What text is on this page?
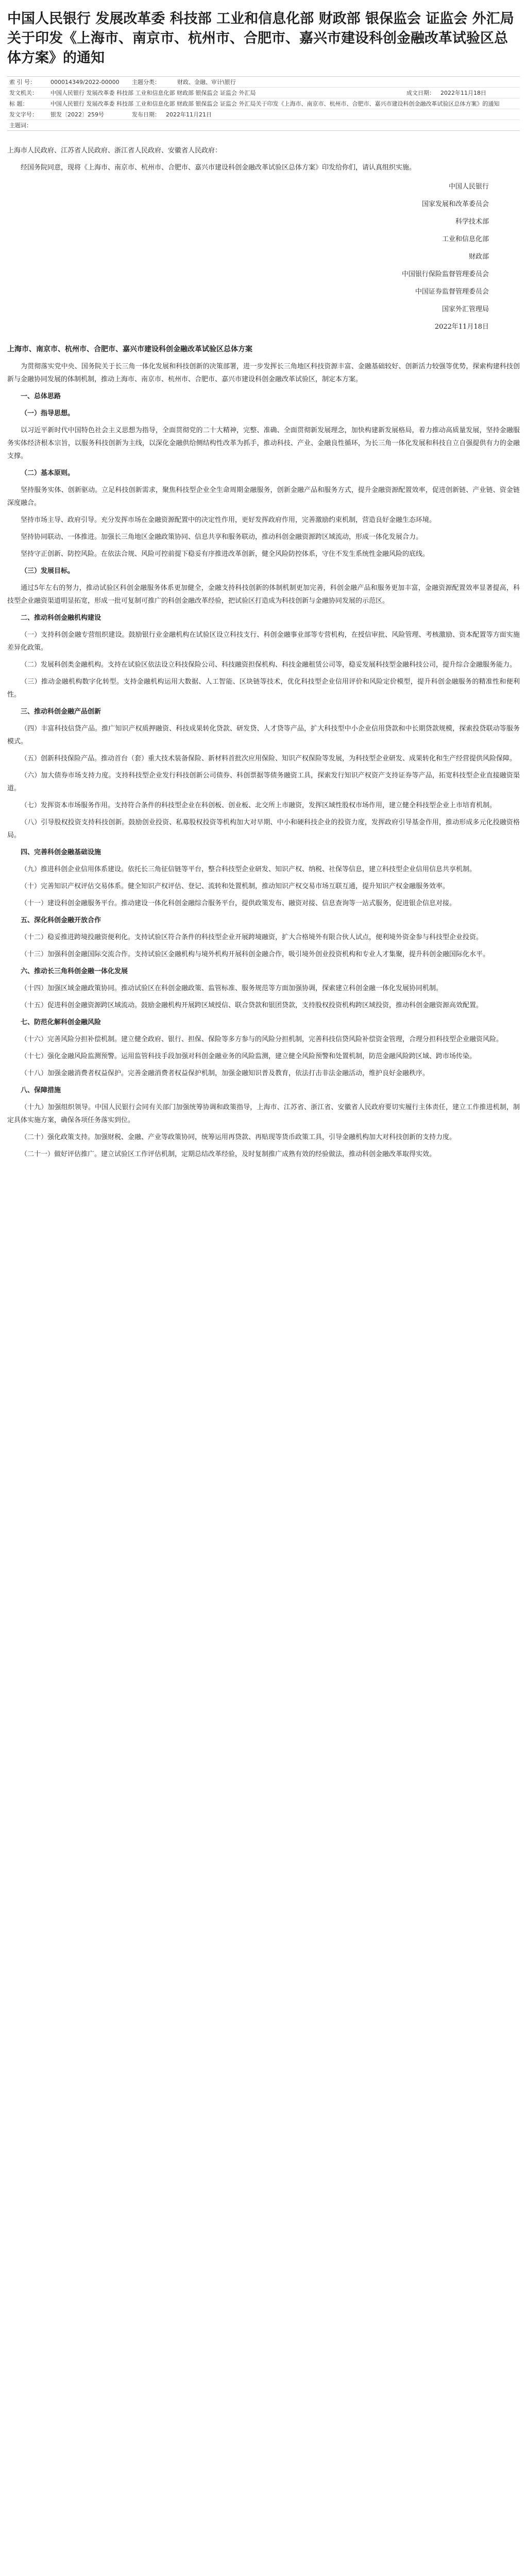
中国人民银行 发展改革委 科技部 工业和信息化部 财政部 银保监会 证监会 外汇局关于印发《上海市、南京市、杭州市、合肥市、嘉兴市建设科创金融改革试验区总体方案》的通知
索 引 号：	000014349/2022-00000	主题分类：	财政、金融、审计\银行
发文机关：	中国人民银行 发展改革委 科技部 工业和信息化部 财政部 银保监会 证监会 外汇局	成文日期：	2022年11月18日
标 题：	中国人民银行 发展改革委 科技部 工业和信息化部 财政部 银保监会 证监会 外汇局关于印发《上海市、南京市、杭州市、合肥市、嘉兴市建设科创金融改革试验区总体方案》的通知
发文字号：	银发〔2022〕259号	发布日期：	2022年11月21日
主题词：

上海市人民政府、江苏省人民政府、浙江省人民政府、安徽省人民政府：

经国务院同意，现将《上海市、南京市、杭州市、合肥市、嘉兴市建设科创金融改革试验区总体方案》印发给你们，请认真组织实施。

中国人民银行
国家发展和改革委员会
科学技术部
工业和信息化部
财政部
中国银行保险监督管理委员会
中国证券监督管理委员会
国家外汇管理局
2022年11月18日

上海市、南京市、杭州市、合肥市、嘉兴市建设科创金融改革试验区总体方案

为贯彻落实党中央、国务院关于长三角一体化发展和科技创新的决策部署，进一步发挥长三角地区科技资源丰富、金融基础较好、创新活力较强等优势，探索构建科技创新与金融协同发展的体制机制，推动上海市、南京市、杭州市、合肥市、嘉兴市建设科创金融改革试验区，制定本方案。

一、总体思路

（一）指导思想。

以习近平新时代中国特色社会主义思想为指导，全面贯彻党的二十大精神，完整、准确、全面贯彻新发展理念，加快构建新发展格局，着力推动高质量发展，坚持金融服务实体经济根本宗旨，以服务科技创新为主线，以深化金融供给侧结构性改革为抓手，推动科技、产业、金融良性循环，为长三角一体化发展和科技自立自强提供有力的金融支撑。

（二）基本原则。

坚持服务实体、创新驱动。立足科技创新需求，聚焦科技型企业全生命周期金融服务，创新金融产品和服务方式，提升金融资源配置效率，促进创新链、产业链、资金链深度融合。

坚持市场主导、政府引导。充分发挥市场在金融资源配置中的决定性作用，更好发挥政府作用，完善激励约束机制，营造良好金融生态环境。

坚持协同联动、一体推进。加强长三角地区金融政策协同、信息共享和服务联动，推动科创金融资源跨区域流动，形成一体化发展合力。

坚持守正创新、防控风险。在依法合规、风险可控前提下稳妥有序推进改革创新，健全风险防控体系，守住不发生系统性金融风险的底线。

（三）发展目标。

通过5年左右的努力，推动试验区科创金融服务体系更加健全，金融支持科技创新的体制机制更加完善，科创金融产品和服务更加丰富，金融资源配置效率显著提高，科技型企业融资渠道明显拓宽，形成一批可复制可推广的科创金融改革经验，把试验区打造成为科技创新与金融协同发展的示范区。

二、推动科创金融机构建设

（一）支持科创金融专营组织建设。鼓励银行业金融机构在试验区设立科技支行、科创金融事业部等专营机构，在授信审批、风险管理、考核激励、资本配置等方面实施差异化政策。

（二）发展科创类金融机构。支持在试验区依法设立科技保险公司、科技融资担保机构、科技金融租赁公司等，稳妥发展科技型金融科技公司，提升综合金融服务能力。

（三）推动金融机构数字化转型。支持金融机构运用大数据、人工智能、区块链等技术，优化科技型企业信用评价和风险定价模型，提升科创金融服务的精准性和便利性。

三、推动科创金融产品创新

（四）丰富科技信贷产品。推广知识产权质押融资、科技成果转化贷款、研发贷、人才贷等产品，扩大科技型中小企业信用贷款和中长期贷款规模，探索投贷联动等服务模式。

（五）创新科技保险产品。推动首台（套）重大技术装备保险、新材料首批次应用保险、知识产权保险等发展，为科技型企业研发、成果转化和生产经营提供风险保障。

（六）加大债券市场支持力度。支持科技型企业发行科技创新公司债券、科创票据等债务融资工具，探索发行知识产权资产支持证券等产品，拓宽科技型企业直接融资渠道。

（七）发挥资本市场服务作用。支持符合条件的科技型企业在科创板、创业板、北交所上市融资，发挥区域性股权市场作用，建立健全科技型企业上市培育机制。

（八）引导股权投资支持科技创新。鼓励创业投资、私募股权投资等机构加大对早期、中小和硬科技企业的投资力度，发挥政府引导基金作用，推动形成多元化投融资格局。

四、完善科创金融基础设施

（九）推进科创企业信用体系建设。依托长三角征信链等平台，整合科技型企业研发、知识产权、纳税、社保等信息，建立科技型企业信用信息共享机制。

（十）完善知识产权评估交易体系。健全知识产权评估、登记、流转和处置机制，推动知识产权交易市场互联互通，提升知识产权金融服务效率。

（十一）建设科创金融服务平台。推动建设一体化科创金融综合服务平台，提供政策发布、融资对接、信息查询等一站式服务，促进银企信息对接。

五、深化科创金融开放合作

（十二）稳妥推进跨境投融资便利化。支持试验区符合条件的科技型企业开展跨境融资，扩大合格境外有限合伙人试点，便利境外资金参与科技型企业投资。

（十三）加强科创金融国际交流合作。支持试验区金融机构与境外机构开展科创金融合作，吸引境外创业投资机构和专业人才集聚，提升科创金融国际化水平。

六、推动长三角科创金融一体化发展

（十四）加强区域金融政策协同。推动试验区在科创金融政策、监管标准、服务规范等方面加强协调，探索建立科创金融一体化发展协同机制。

（十五）促进科创金融资源跨区域流动。鼓励金融机构开展跨区域授信、联合贷款和银团贷款，支持股权投资机构跨区域投资，推动科创金融资源高效配置。

七、防范化解科创金融风险

（十六）完善风险分担补偿机制。建立健全政府、银行、担保、保险等多方参与的风险分担机制，完善科技信贷风险补偿资金管理，合理分担科技型企业融资风险。

（十七）强化金融风险监测预警。运用监管科技手段加强对科创金融业务的风险监测，建立健全风险预警和处置机制，防范金融风险跨区域、跨市场传染。

（十八）加强金融消费者权益保护。完善金融消费者权益保护机制，加强金融知识普及教育，依法打击非法金融活动，维护良好金融秩序。

八、保障措施

（十九）加强组织领导。中国人民银行会同有关部门加强统筹协调和政策指导，上海市、江苏省、浙江省、安徽省人民政府要切实履行主体责任，建立工作推进机制，制定具体实施方案，确保各项任务落实到位。

（二十）强化政策支持。加强财税、金融、产业等政策协同，统筹运用再贷款、再贴现等货币政策工具，引导金融机构加大对科技创新的支持力度。

（二十一）做好评估推广。建立试验区工作评估机制，定期总结改革经验，及时复制推广成熟有效的经验做法，推动科创金融改革取得实效。
